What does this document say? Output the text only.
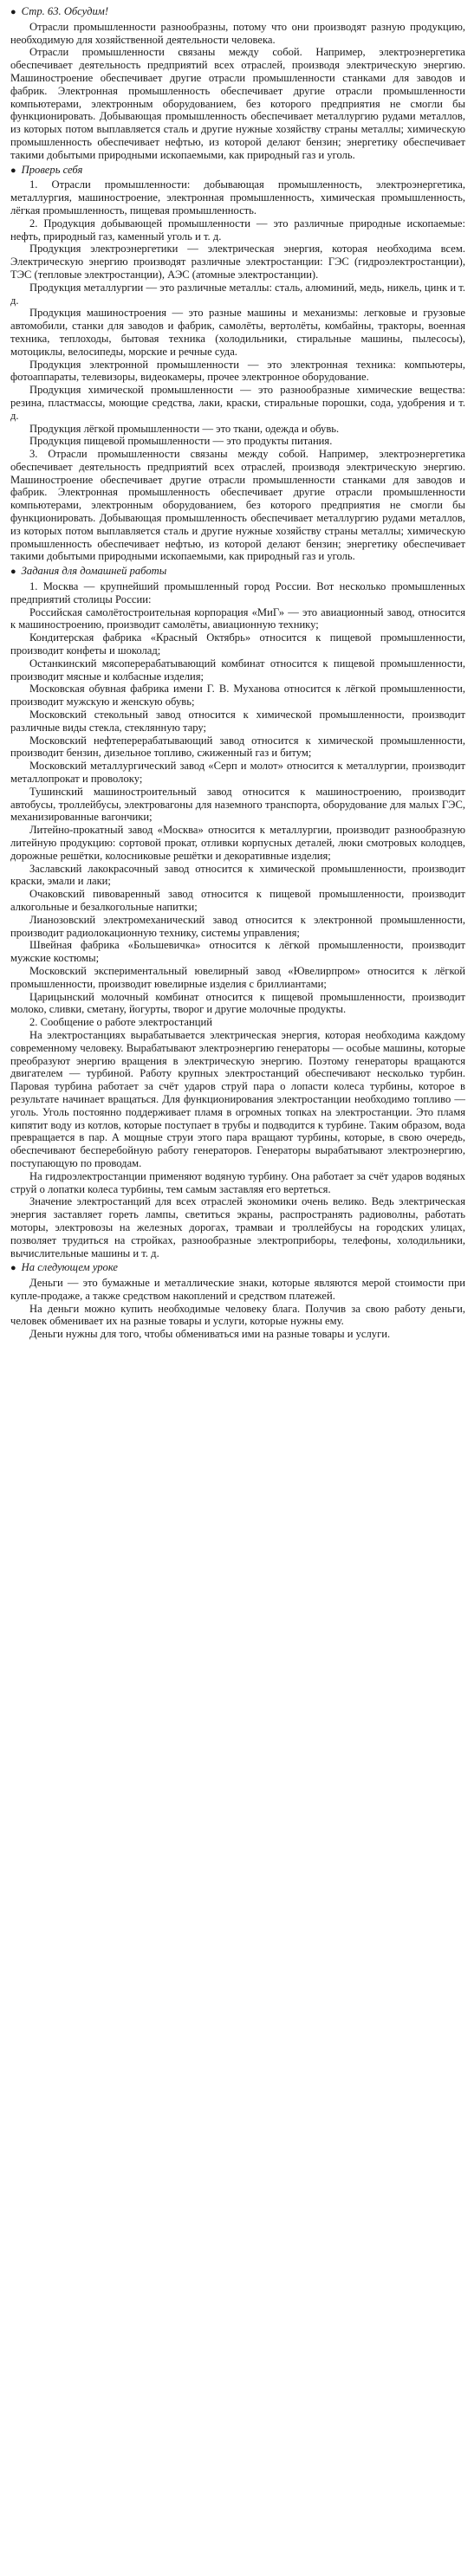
● Стр. 63. Обсудим!

Отрасли промышленности разнообразны, потому что они производят разную продукцию, необходимую для хозяйственной деятельности человека.

Отрасли промышленности связаны между собой. Например, электроэнергетика обеспечивает деятельность предприятий всех отраслей, производя электрическую энергию. Машиностроение обеспечивает другие отрасли промышленности станками для заводов и фабрик. Электронная промышленность обеспечивает другие отрасли промышленности компьютерами, электронным оборудованием, без которого предприятия не смогли бы функционировать. Добывающая промышленность обеспечивает металлургию рудами металлов, из которых потом выплавляется сталь и другие нужные хозяйству страны металлы; химическую промышленность обеспечивает нефтью, из которой делают бензин; энергетику обеспечивает такими добытыми природными ископаемыми, как природный газ и уголь.

● Проверь себя

1. Отрасли промышленности: добывающая промышленность, электроэнергетика, металлургия, машиностроение, электронная промышленность, химическая промышленность, лёгкая промышленность, пищевая промышленность.

2. Продукция добывающей промышленности — это различные природные ископаемые: нефть, природный газ, каменный уголь и т. д.

Продукция электроэнергетики — электрическая энергия, которая необходима всем. Электрическую энергию производят различные электростанции: ГЭС (гидроэлектростанции), ТЭС (тепловые электростанции), АЭС (атомные электростанции).

Продукция металлургии — это различные металлы: сталь, алюминий, медь, никель, цинк и т. д.

Продукция машиностроения — это разные машины и механизмы: легковые и грузовые автомобили, станки для заводов и фабрик, самолёты, вертолёты, комбайны, тракторы, военная техника, теплоходы, бытовая техника (холодильники, стиральные машины, пылесосы), мотоциклы, велосипеды, морские и речные суда.

Продукция электронной промышленности — это электронная техника: компьютеры, фотоаппараты, телевизоры, видеокамеры, прочее электронное оборудование.

Продукция химической промышленности — это разнообразные химические вещества: резина, пластмассы, моющие средства, лаки, краски, стиральные порошки, сода, удобрения и т. д.

Продукция лёгкой промышленности — это ткани, одежда и обувь.

Продукция пищевой промышленности — это продукты питания.

3. Отрасли промышленности связаны между собой. Например, электроэнергетика обеспечивает деятельность предприятий всех отраслей, производя электрическую энергию. Машиностроение обеспечивает другие отрасли промышленности станками для заводов и фабрик. Электронная промышленность обеспечивает другие отрасли промышленности компьютерами, электронным оборудованием, без которого предприятия не смогли бы функционировать. Добывающая промышленность обеспечивает металлургию рудами металлов, из которых потом выплавляется сталь и другие нужные хозяйству страны металлы; химическую промышленность обеспечивает нефтью, из которой делают бензин; энергетику обеспечивает такими добытыми природными ископаемыми, как природный газ и уголь.

● Задания для домашней работы

1. Москва — крупнейший промышленный город России. Вот несколько промышленных предприятий столицы России:

Российская самолётостроительная корпорация «МиГ» — это авиационный завод, относится к машиностроению, производит самолёты, авиационную технику;

Кондитерская фабрика «Красный Октябрь» относится к пищевой промышленности, производит конфеты и шоколад;

Останкинский мясоперерабатывающий комбинат относится к пищевой промышленности, производит мясные и колбасные изделия;

Московская обувная фабрика имени Г. В. Муханова относится к лёгкой промышленности, производит мужскую и женскую обувь;

Московский стекольный завод относится к химической промышленности, производит различные виды стекла, стеклянную тару;

Московский нефтеперерабатывающий завод относится к химической промышленности, производит бензин, дизельное топливо, сжиженный газ и битум;

Московский металлургический завод «Серп и молот» относится к металлургии, производит металлопрокат и проволоку;

Тушинский машиностроительный завод относится к машиностроению, производит автобусы, троллейбусы, электровагоны для наземного транспорта, оборудование для малых ГЭС, механизированные вагончики;

Литейно-прокатный завод «Москва» относится к металлургии, производит разнообразную литейную продукцию: сортовой прокат, отливки корпусных деталей, люки смотровых колодцев, дорожные решётки, колосниковые решётки и декоративные изделия;

Заславский лакокрасочный завод относится к химической промышленности, производит краски, эмали и лаки;

Очаковский пивоваренный завод относится к пищевой промышленности, производит алкогольные и безалкогольные напитки;

Лианозовский электромеханический завод относится к электронной промышленности, производит радиолокационную технику, системы управления;

Швейная фабрика «Большевичка» относится к лёгкой промышленности, производит мужские костюмы;

Московский экспериментальный ювелирный завод «Ювелирпром» относится к лёгкой промышленности, производит ювелирные изделия с бриллиантами;

Царицынский молочный комбинат относится к пищевой промышленности, производит молоко, сливки, сметану, йогурты, творог и другие молочные продукты.

2. Сообщение о работе электростанций

На электростанциях вырабатывается электрическая энергия, которая необходима каждому современному человеку. Вырабатывают электроэнергию генераторы — особые машины, которые преобразуют энергию вращения в электрическую энергию. Поэтому генераторы вращаются двигателем — турбиной. Работу крупных электростанций обеспечивают несколько турбин. Паровая турбина работает за счёт ударов струй пара о лопасти колеса турбины, которое в результате начинает вращаться. Для функционирования электростанции необходимо топливо — уголь. Уголь постоянно поддерживает пламя в огромных топках на электростанции. Это пламя кипятит воду из котлов, которые поступает в трубы и подводится к турбине. Таким образом, вода превращается в пар. А мощные струи этого пара вращают турбины, которые, в свою очередь, обеспечивают бесперебойную работу генераторов. Генераторы вырабатывают электроэнергию, поступающую по проводам.

На гидроэлектростанции применяют водяную турбину. Она работает за счёт ударов водяных струй о лопатки колеса турбины, тем самым заставляя его вертеться.

Значение электростанций для всех отраслей экономики очень велико. Ведь электрическая энергия заставляет гореть лампы, светиться экраны, распространять радиоволны, работать моторы, электровозы на железных дорогах, трамваи и троллейбусы на городских улицах, позволяет трудиться на стройках, разнообразные электроприборы, телефоны, холодильники, вычислительные машины и т. д.

● На следующем уроке

Деньги — это бумажные и металлические знаки, которые являются мерой стоимости при купле-продаже, а также средством накоплений и средством платежей.

На деньги можно купить необходимые человеку блага. Получив за свою работу деньги, человек обменивает их на разные товары и услуги, которые нужны ему.

Деньги нужны для того, чтобы обмениваться ими на разные товары и услуги.
